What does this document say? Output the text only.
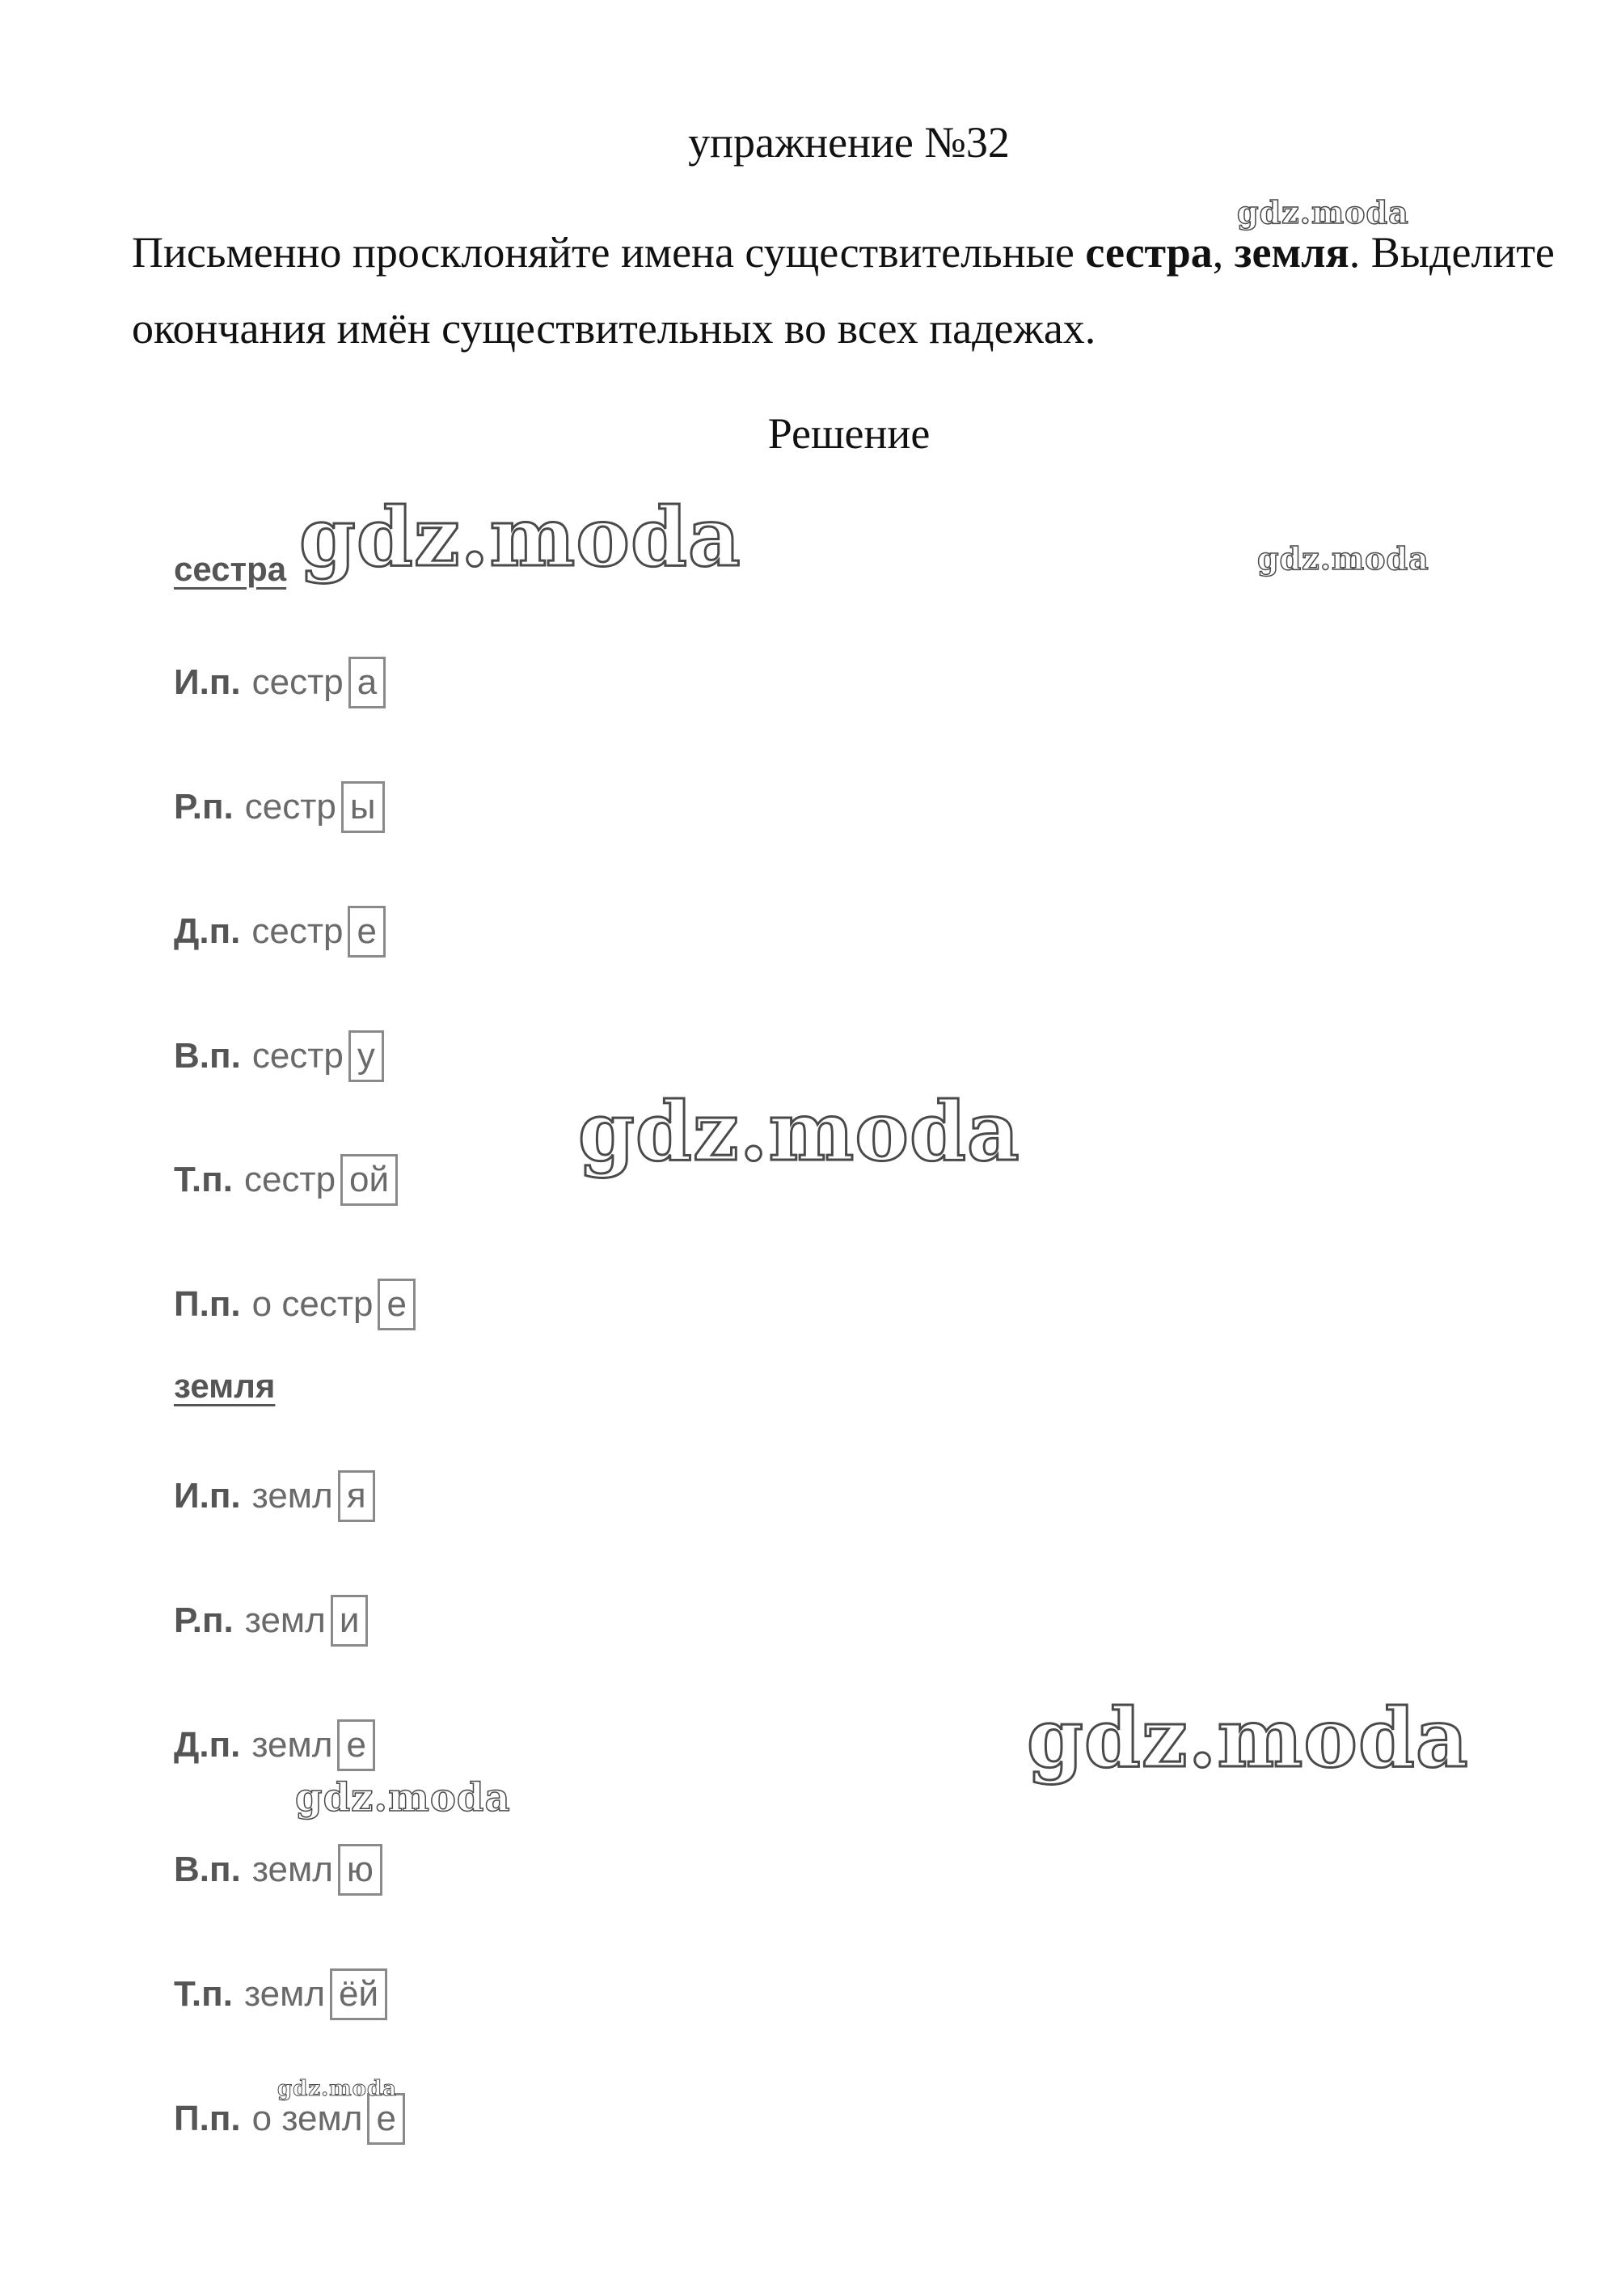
упражнение №32
Письменно просклоняйте имена существительные сестра, земля. Выделите окончания имён существительных во всех падежах.
Решение
сестра
И.п. сестр а
Р.п. сестр ы
Д.п. сестр е
В.п. сестр у
Т.п. сестр ой
П.п. о сестр е
земля
И.п. земл я
Р.п. земл и
Д.п. земл е
В.п. земл ю
Т.п. земл ёй
П.п. о земл е
gdz.moda
gdz.moda	gdz.moda
gdz.moda
gdz.moda
gdz.moda
gdz.moda
